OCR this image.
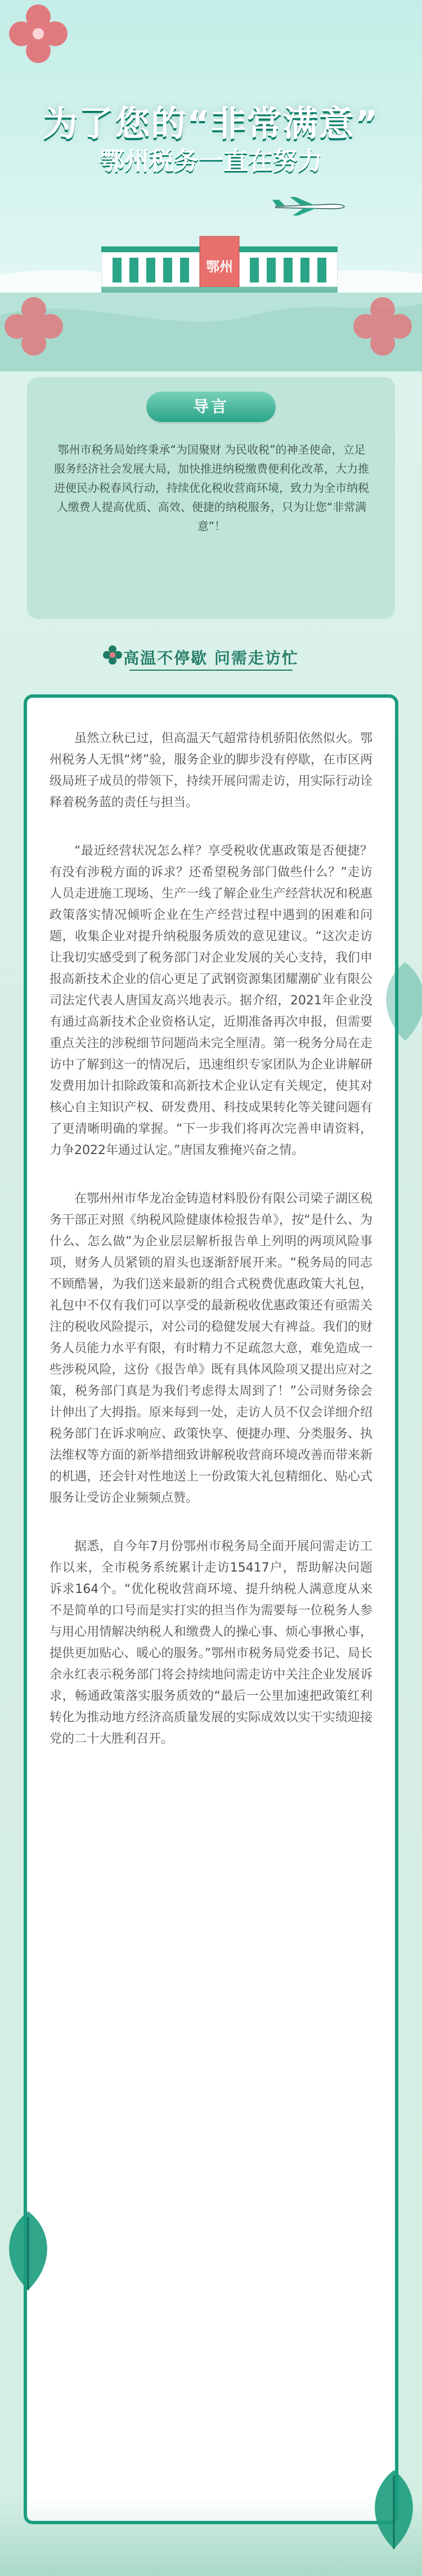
为了您的“非常满意”
鄂州税务一直在努力
鄂州
导言
鄂州市税务局始终秉承“为国聚财 为民收税”的神圣使命，立足服务经济社会发展大局，加快推进纳税缴费便利化改革，大力推进便民办税春风行动，持续优化税收营商环境，致力为全市纳税人缴费人提高优质、高效、便捷的纳税服务，只为让您“非常满意”！
高温不停歇 问需走访忙

虽然立秋已过，但高温天气超常待机骄阳依然似火。鄂州税务人无惧“烤”验，服务企业的脚步没有停歇，在市区两级局班子成员的带领下，持续开展问需走访，用实际行动诠释着税务蓝的责任与担当。

“最近经营状况怎么样？享受税收优惠政策是否便捷？有没有涉税方面的诉求？还希望税务部门做些什么？”走访人员走进施工现场、生产一线了解企业生产经营状况和税惠政策落实情况倾听企业在生产经营过程中遇到的困难和问题，收集企业对提升纳税服务质效的意见建议。“这次走访让我切实感受到了税务部门对企业发展的关心支持，我们申报高新技术企业的信心更足了武钢资源集团耀潮矿业有限公司法定代表人唐国友高兴地表示。据介绍，2021年企业没有通过高新技术企业资格认定，近期准备再次申报，但需要重点关注的涉税细节问题尚未完全厘清。第一税务分局在走访中了解到这一的情况后，迅速组织专家团队为企业讲解研发费用加计扣除政策和高新技术企业认定有关规定，使其对核心自主知识产权、研发费用、科技成果转化等关键问题有了更清晰明确的掌握。“下一步我们将再次完善申请资料，力争2022年通过认定。”唐国友雅掩兴奋之情。

在鄂州州市华龙冶金铸造材料股份有限公司梁子湖区税务干部正对照《纳税风险健康体检报告单》，按“是什么、为什么、怎么做”为企业层层解析报告单上列明的两项风险事项，财务人员紧锁的眉头也逐渐舒展开来。“税务局的同志不顾酷暑，为我们送来最新的组合式税费优惠政策大礼包，礼包中不仅有我们可以享受的最新税收优惠政策还有亟需关注的税收风险提示，对公司的稳健发展大有裨益。我们的财务人员能力水平有限，有时精力不足疏忽大意，难免造成一些涉税风险，这份《报告单》既有具体风险项又提出应对之策，税务部门真是为我们考虑得太周到了！”公司财务徐会计伸出了大拇指。原来每到一处，走访人员不仅会详细介绍税务部门在诉求响应、政策快享、便捷办理、分类服务、执法维权等方面的新举措细致讲解税收营商环境改善而带来新的机遇，还会针对性地送上一份政策大礼包精细化、贴心式服务让受访企业频频点赞。

据悉，自今年7月份鄂州市税务局全面开展问需走访工作以来，全市税务系统累计走访15417户，帮助解决问题诉求164个。“优化税收营商环境、提升纳税人满意度从来不是简单的口号而是实打实的担当作为需要每一位税务人参与用心用情解决纳税人和缴费人的操心事、烦心事揪心事，提供更加贴心、暖心的服务。”鄂州市税务局党委书记、局长余永红表示税务部门将会持续地问需走访中关注企业发展诉求，畅通政策落实服务质效的“最后一公里加速把政策红利转化为推动地方经济高质量发展的实际成效以实干实绩迎接党的二十大胜利召开。
